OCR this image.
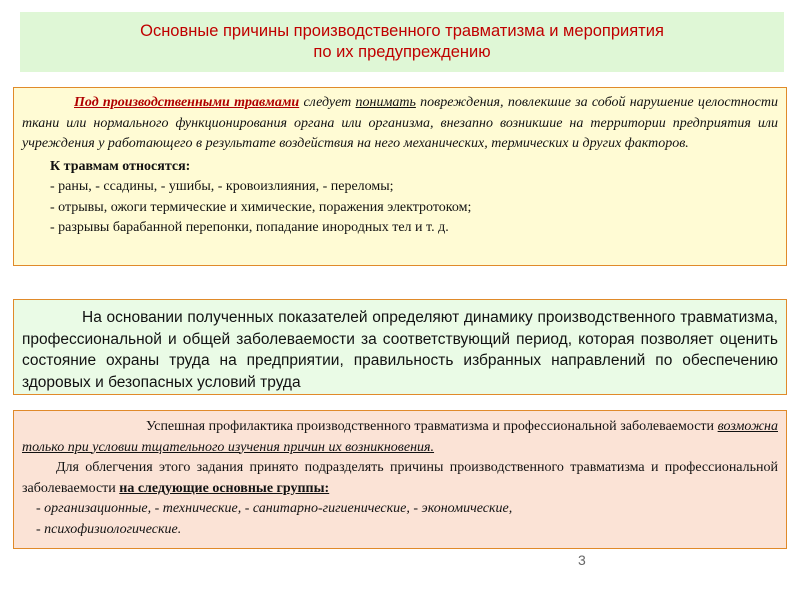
Основные причины производственного травматизма и мероприятия
по их предупреждению

Под производственными травмами следует понимать повреждения, повлекшие за собой нарушение целостности ткани или нормального функционирования органа или организма, внезапно возникшие на территории предприятия или учреждения у работающего в результате воздействия на него механических, термических и других факторов.

К травмам относятся:
- раны, - ссадины, - ушибы, - кровоизлияния, - переломы;
- отрывы, ожоги термические и химические, поражения электротоком;
- разрывы барабанной перепонки, попадание инородных тел и т. д.

На основании полученных показателей определяют динамику производственного травматизма, профессиональной и общей заболеваемости за соответствующий период, которая позволяет оценить состояние охраны труда на предприятии, правильность избранных направлений по обеспечению здоровых и безопасных условий труда

Успешная профилактика производственного травматизма и профессиональной заболеваемости возможна только при условии тщательного изучения причин их возникновения.

Для облегчения этого задания принято подразделять причины производственного травматизма и профессиональной заболеваемости на следующие основные группы:

- организационные, - технические, - санитарно-гигиенические, - экономические,
- психофизиологические.
3
